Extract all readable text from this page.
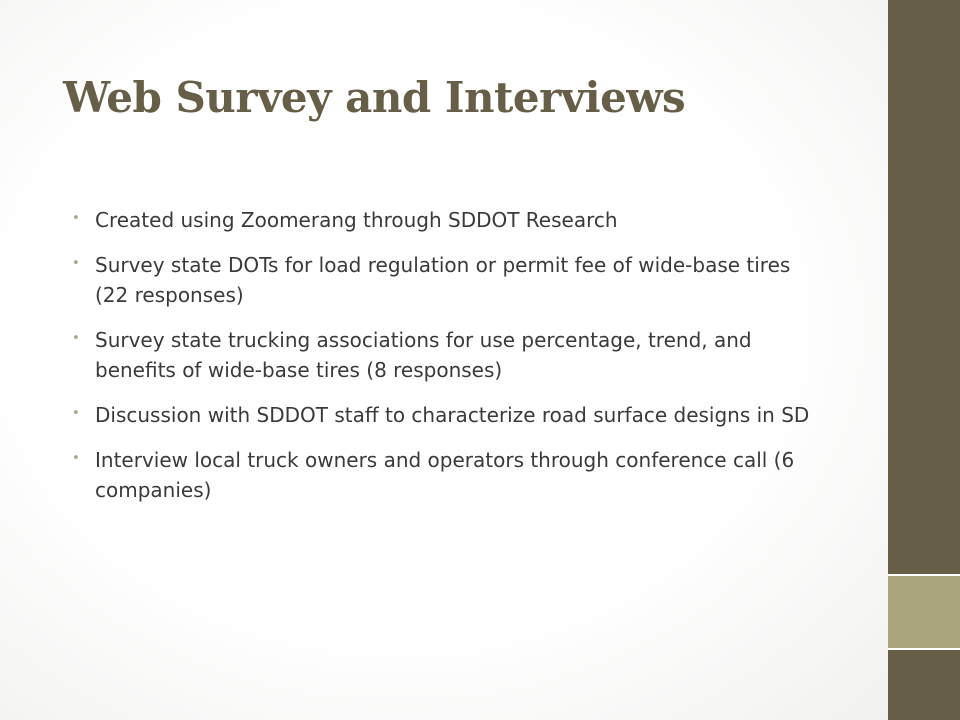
Web Survey and Interviews
• Created using Zoomerang through SDDOT Research
• Survey state DOTs for load regulation or permit fee of wide-base tires (22 responses)
• Survey state trucking associations for use percentage, trend, and benefits of wide-base tires (8 responses)
• Discussion with SDDOT staff to characterize road surface designs in SD
• Interview local truck owners and operators through conference call (6 companies)
